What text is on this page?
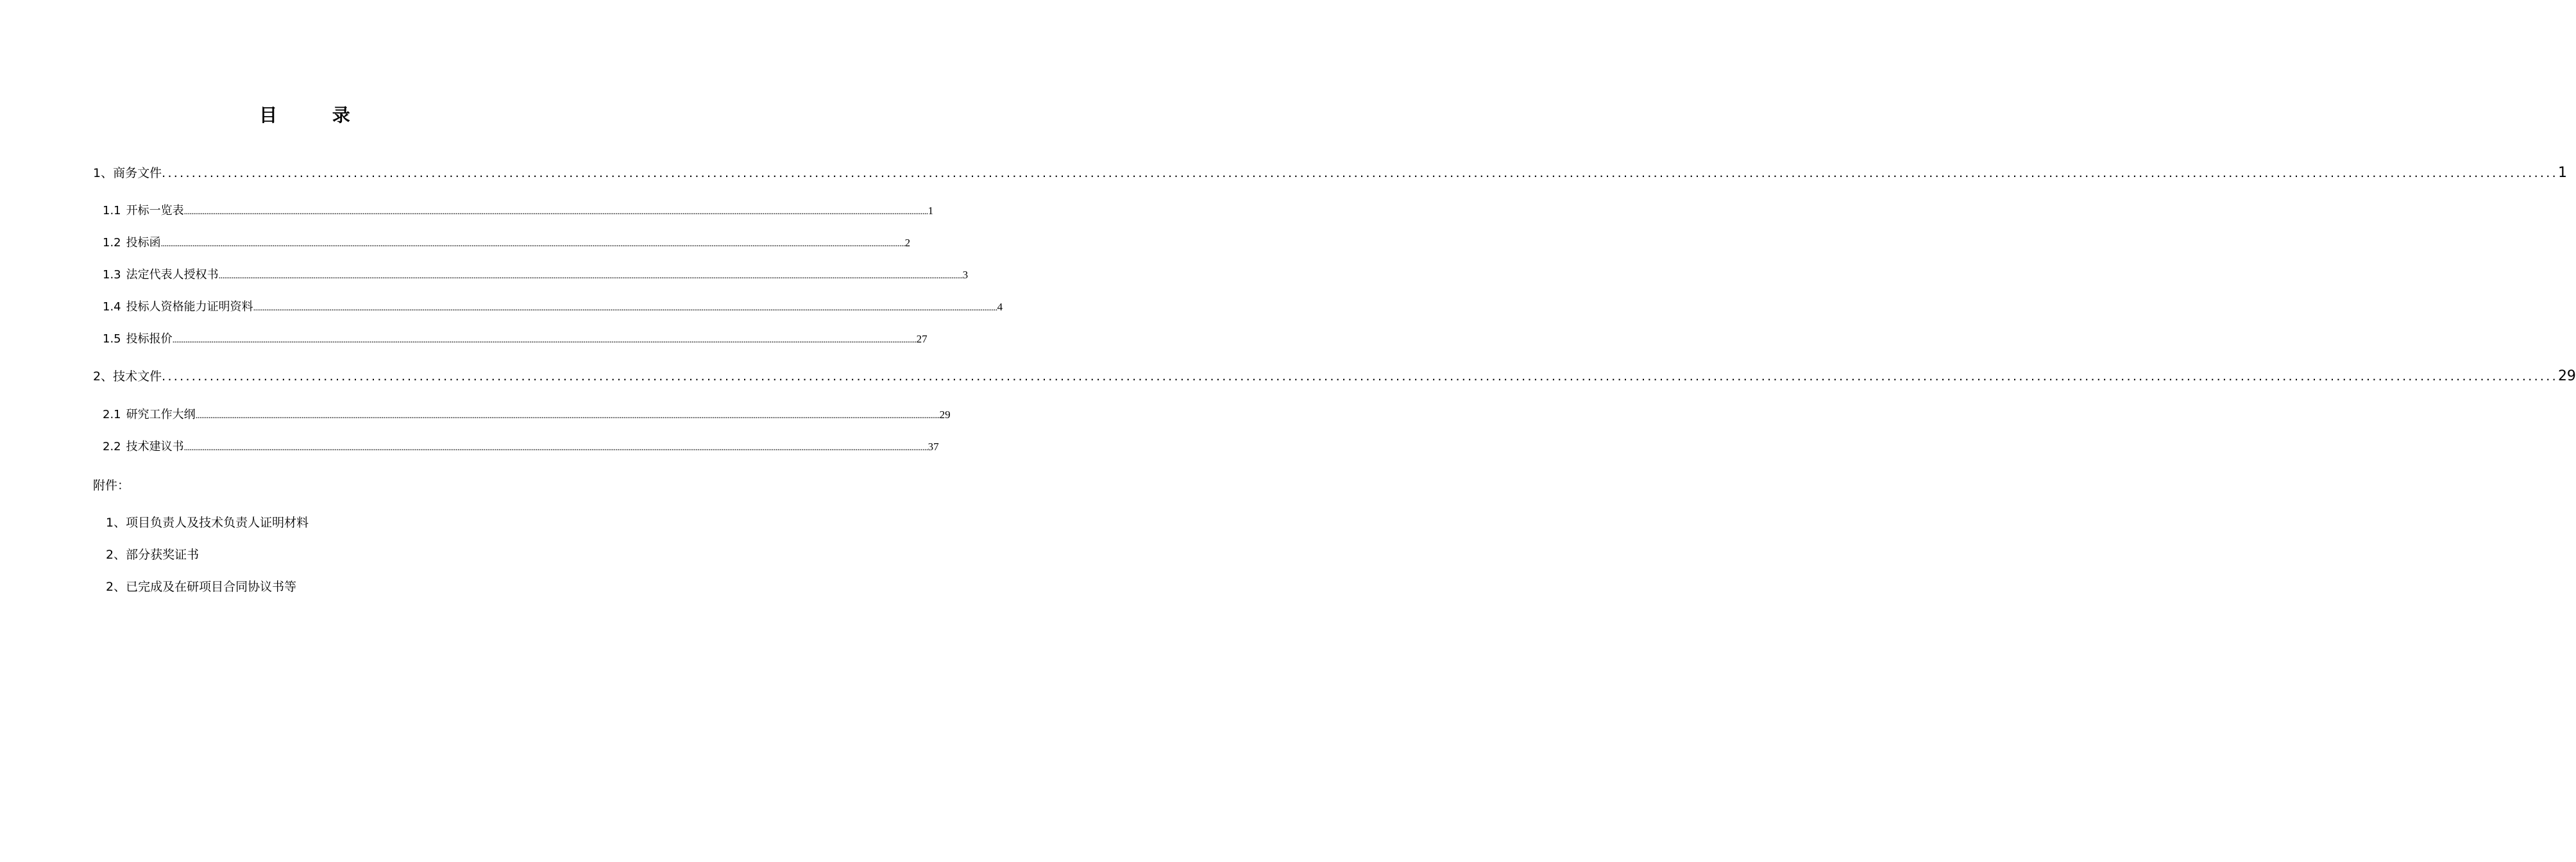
目 录
1、商务文件 ................................................................................................................................................................................................................................................................................................................................................................................................................ 1
1.1 开标一览表 ................................................................................................................................................................................................................................................................................................................................................................................................................ 1
1.2 投标函 ................................................................................................................................................................................................................................................................................................................................................................................................................ 2
1.3 法定代表人授权书 ................................................................................................................................................................................................................................................................................................................................................................................................................ 3
1.4 投标人资格能力证明资料 ................................................................................................................................................................................................................................................................................................................................................................................................................ 4
1.5 投标报价 ................................................................................................................................................................................................................................................................................................................................................................................................................ 27
2、技术文件 ................................................................................................................................................................................................................................................................................................................................................................................................................ 29
2.1 研究工作大纲 ................................................................................................................................................................................................................................................................................................................................................................................................................ 29
2.2 技术建议书 ................................................................................................................................................................................................................................................................................................................................................................................................................ 37
附件：
1、项目负责人及技术负责人证明材料
2、部分获奖证书
2、已完成及在研项目合同协议书等
